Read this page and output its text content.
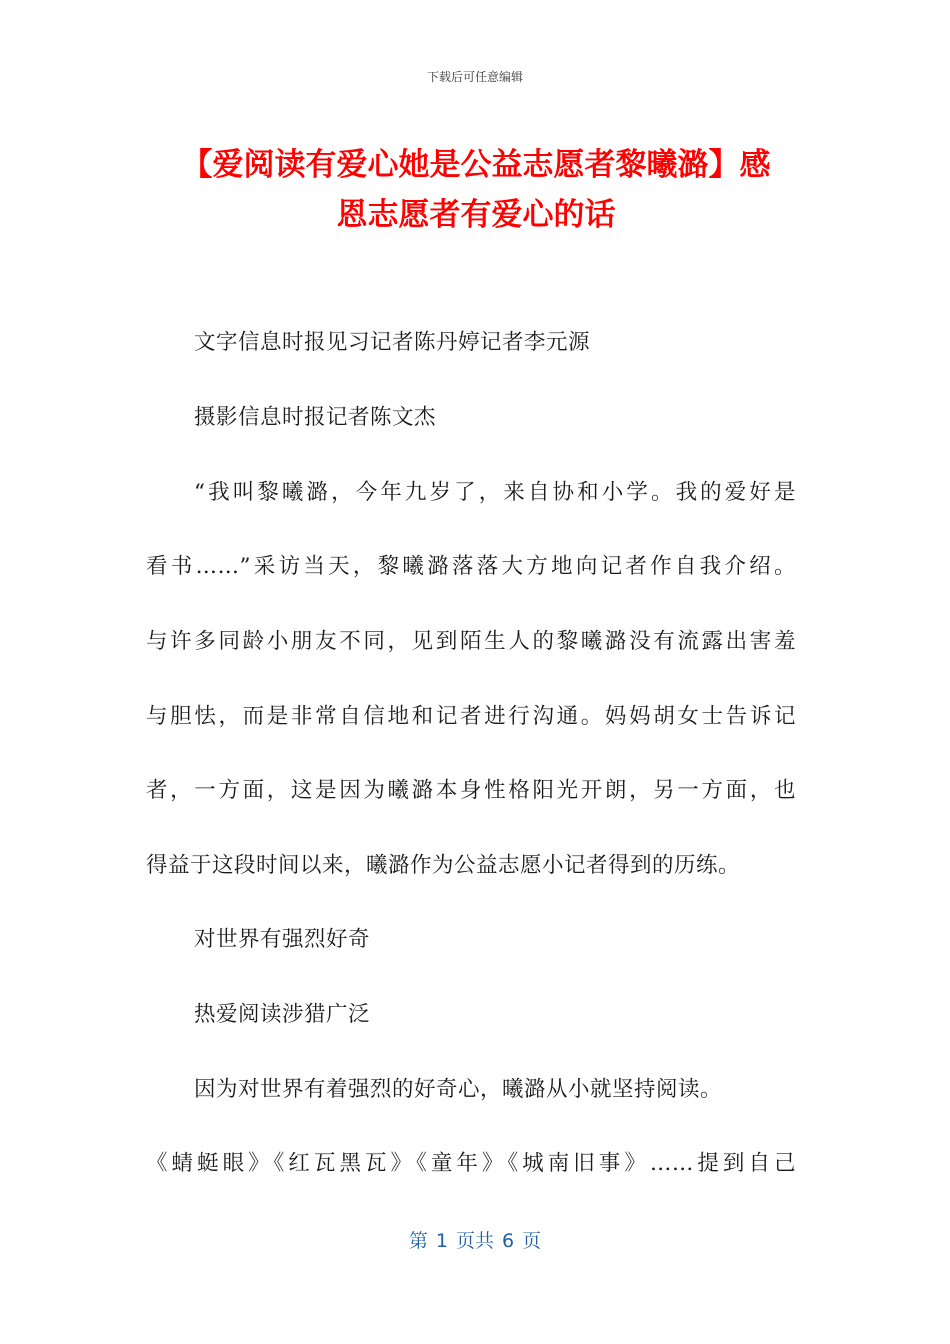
下载后可任意编辑
【爱阅读有爱心她是公益志愿者黎曦潞】感
恩志愿者有爱心的话
文字信息时报见习记者陈丹婷记者李元源
摄影信息时报记者陈文杰
“我叫黎曦潞，今年九岁了，来自协和小学。我的爱好是
看书……”采访当天，黎曦潞落落大方地向记者作自我介绍。
与许多同龄小朋友不同，见到陌生人的黎曦潞没有流露出害羞
与胆怯，而是非常自信地和记者进行沟通。妈妈胡女士告诉记
者，一方面，这是因为曦潞本身性格阳光开朗，另一方面，也
得益于这段时间以来，曦潞作为公益志愿小记者得到的历练。
对世界有强烈好奇
热爱阅读涉猎广泛
因为对世界有着强烈的好奇心，曦潞从小就坚持阅读。
《蜻蜓眼》《红瓦黑瓦》《童年》《城南旧事》……提到自己
第 1 页共 6 页
